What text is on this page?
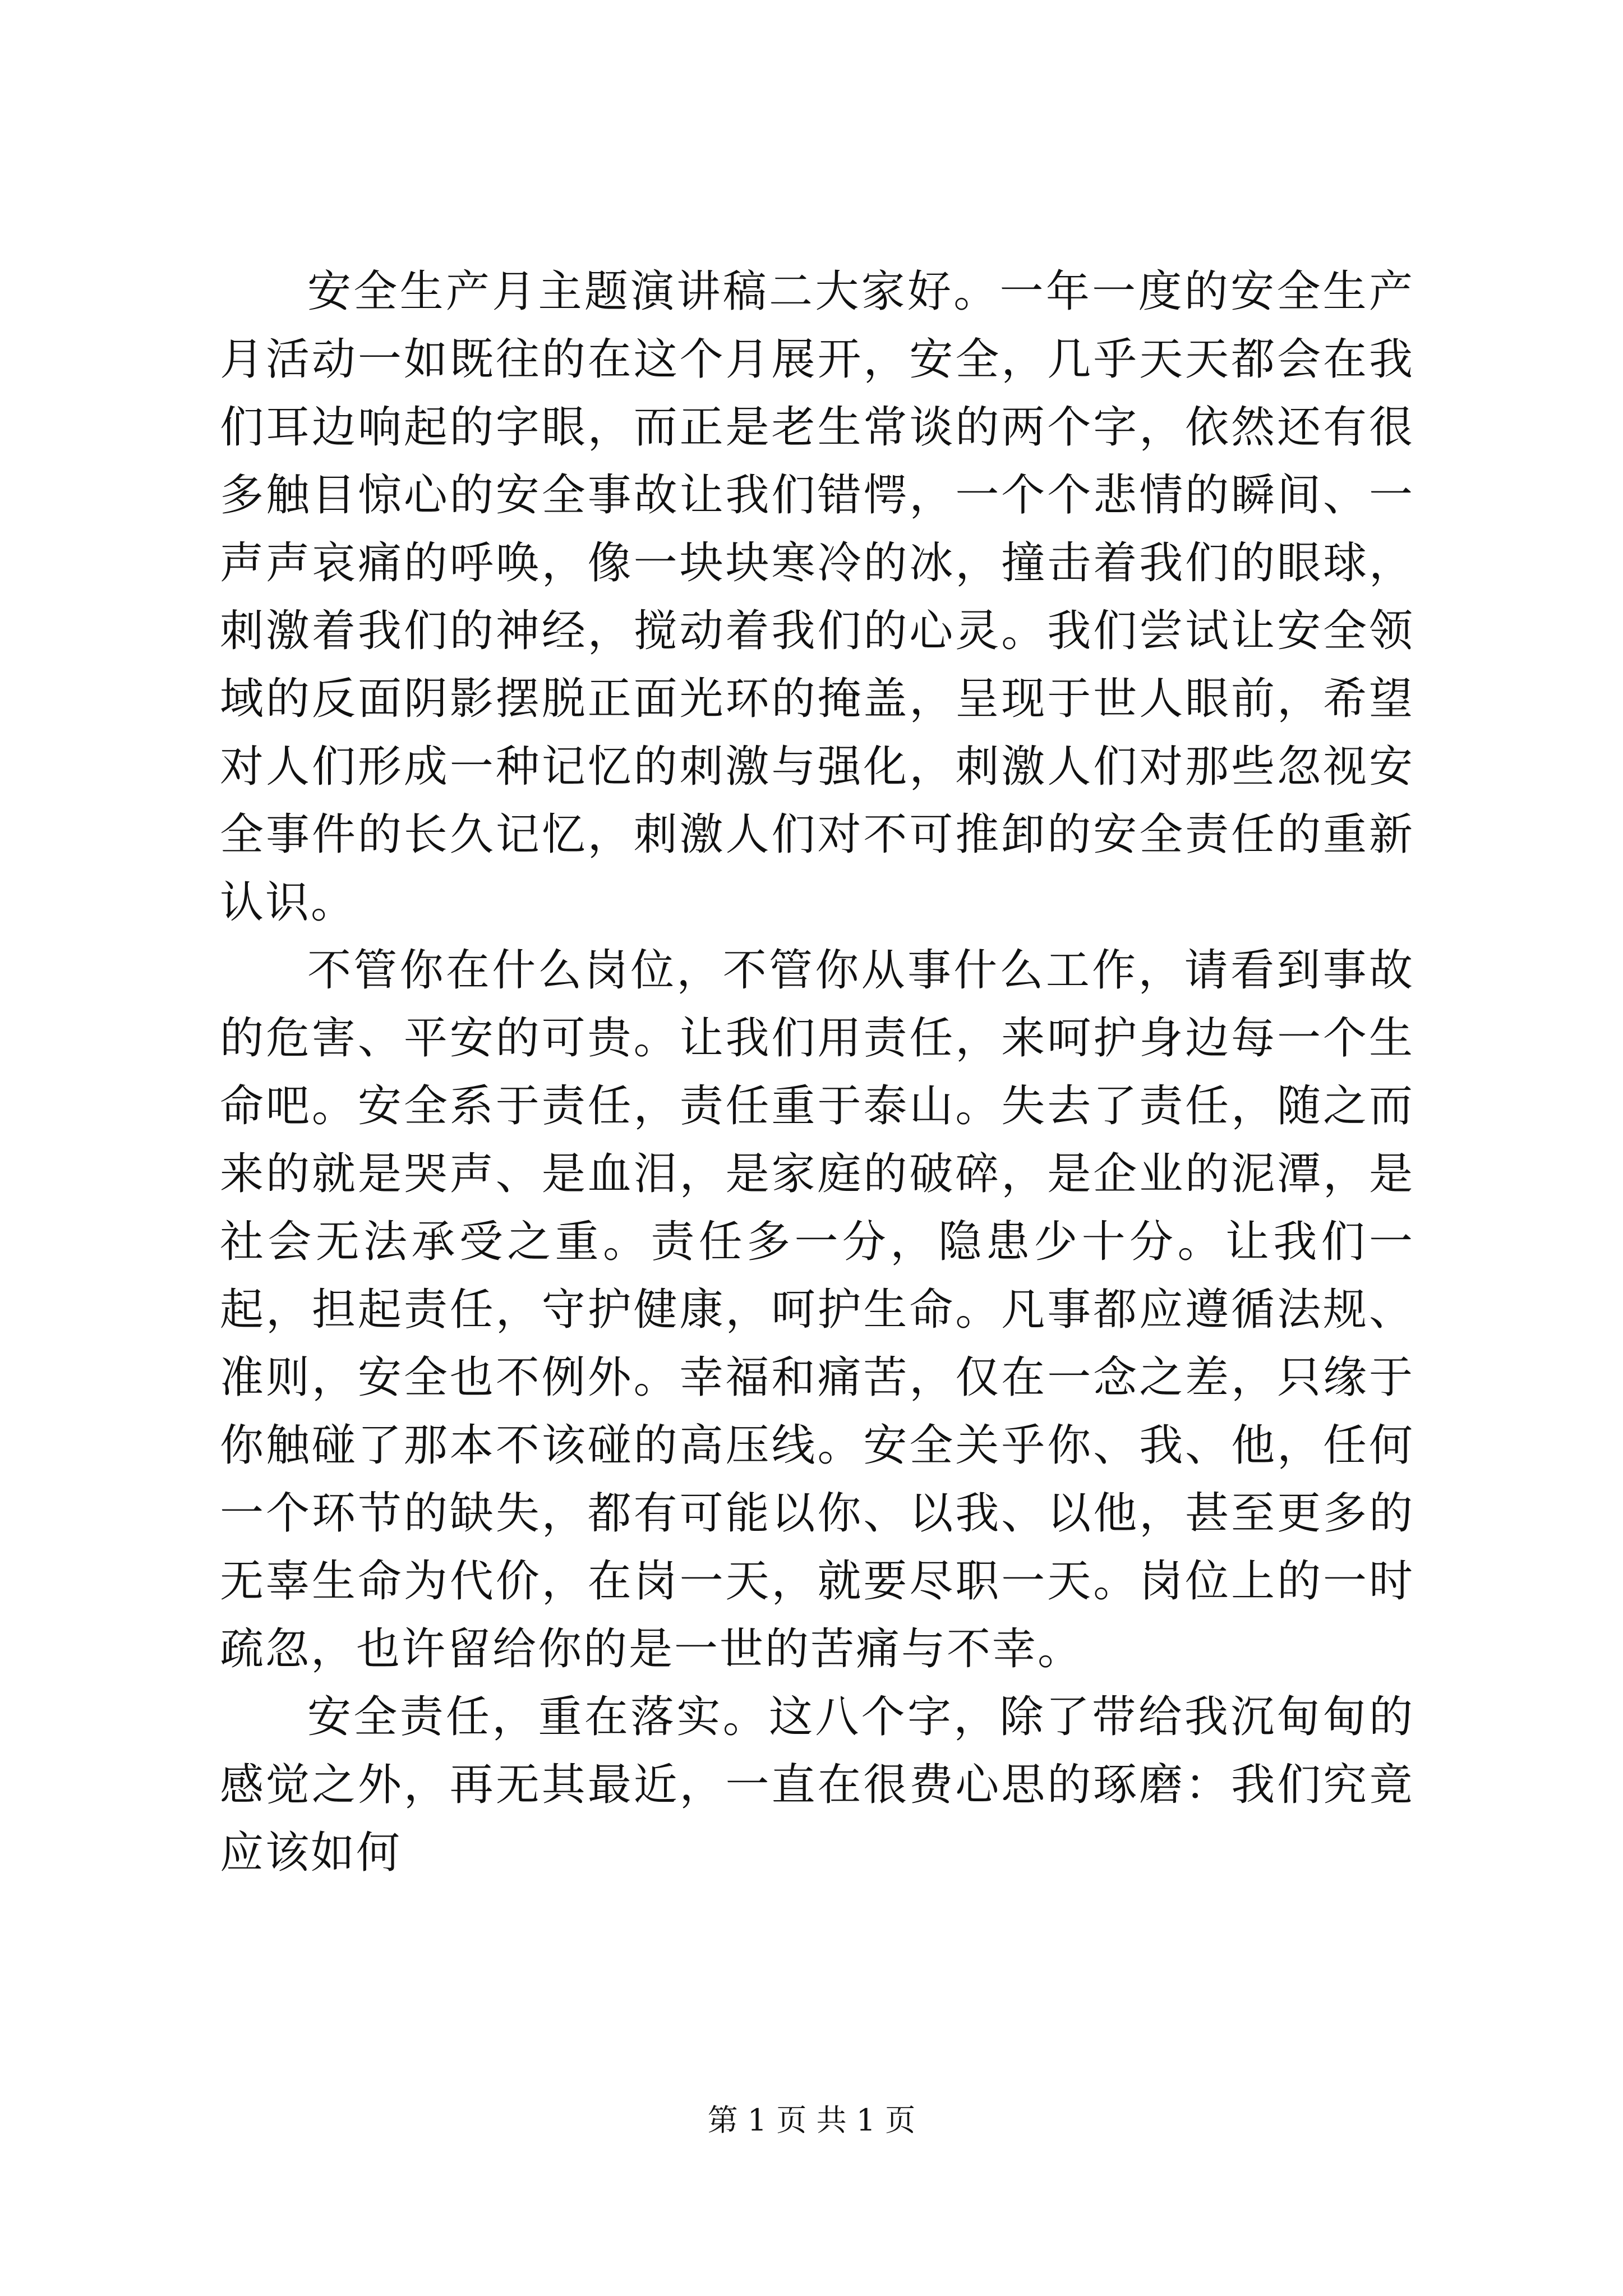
安全生产月主题演讲稿二大家好。一年一度的安全生产月活动一如既往的在这个月展开，安全，几乎天天都会在我们耳边响起的字眼，而正是老生常谈的两个字，依然还有很多触目惊心的安全事故让我们错愕，一个个悲情的瞬间、一声声哀痛的呼唤，像一块块寒冷的冰，撞击着我们的眼球，刺激着我们的神经，搅动着我们的心灵。我们尝试让安全领域的反面阴影摆脱正面光环的掩盖，呈现于世人眼前，希望对人们形成一种记忆的刺激与强化，刺激人们对那些忽视安全事件的长久记忆，刺激人们对不可推卸的安全责任的重新认识。

不管你在什么岗位，不管你从事什么工作，请看到事故的危害、平安的可贵。让我们用责任，来呵护身边每一个生命吧。安全系于责任，责任重于泰山。失去了责任，随之而来的就是哭声、是血泪，是家庭的破碎，是企业的泥潭，是社会无法承受之重。责任多一分，隐患少十分。让我们一起，担起责任，守护健康，呵护生命。凡事都应遵循法规、准则，安全也不例外。幸福和痛苦，仅在一念之差，只缘于你触碰了那本不该碰的高压线。安全关乎你、我、他，任何一个环节的缺失，都有可能以你、以我、以他，甚至更多的无辜生命为代价，在岗一天，就要尽职一天。岗位上的一时疏忽，也许留给你的是一世的苦痛与不幸。

安全责任，重在落实。这八个字，除了带给我沉甸甸的感觉之外，再无其最近，一直在很费心思的琢磨：我们究竟应该如何

第 1 页 共 1 页
